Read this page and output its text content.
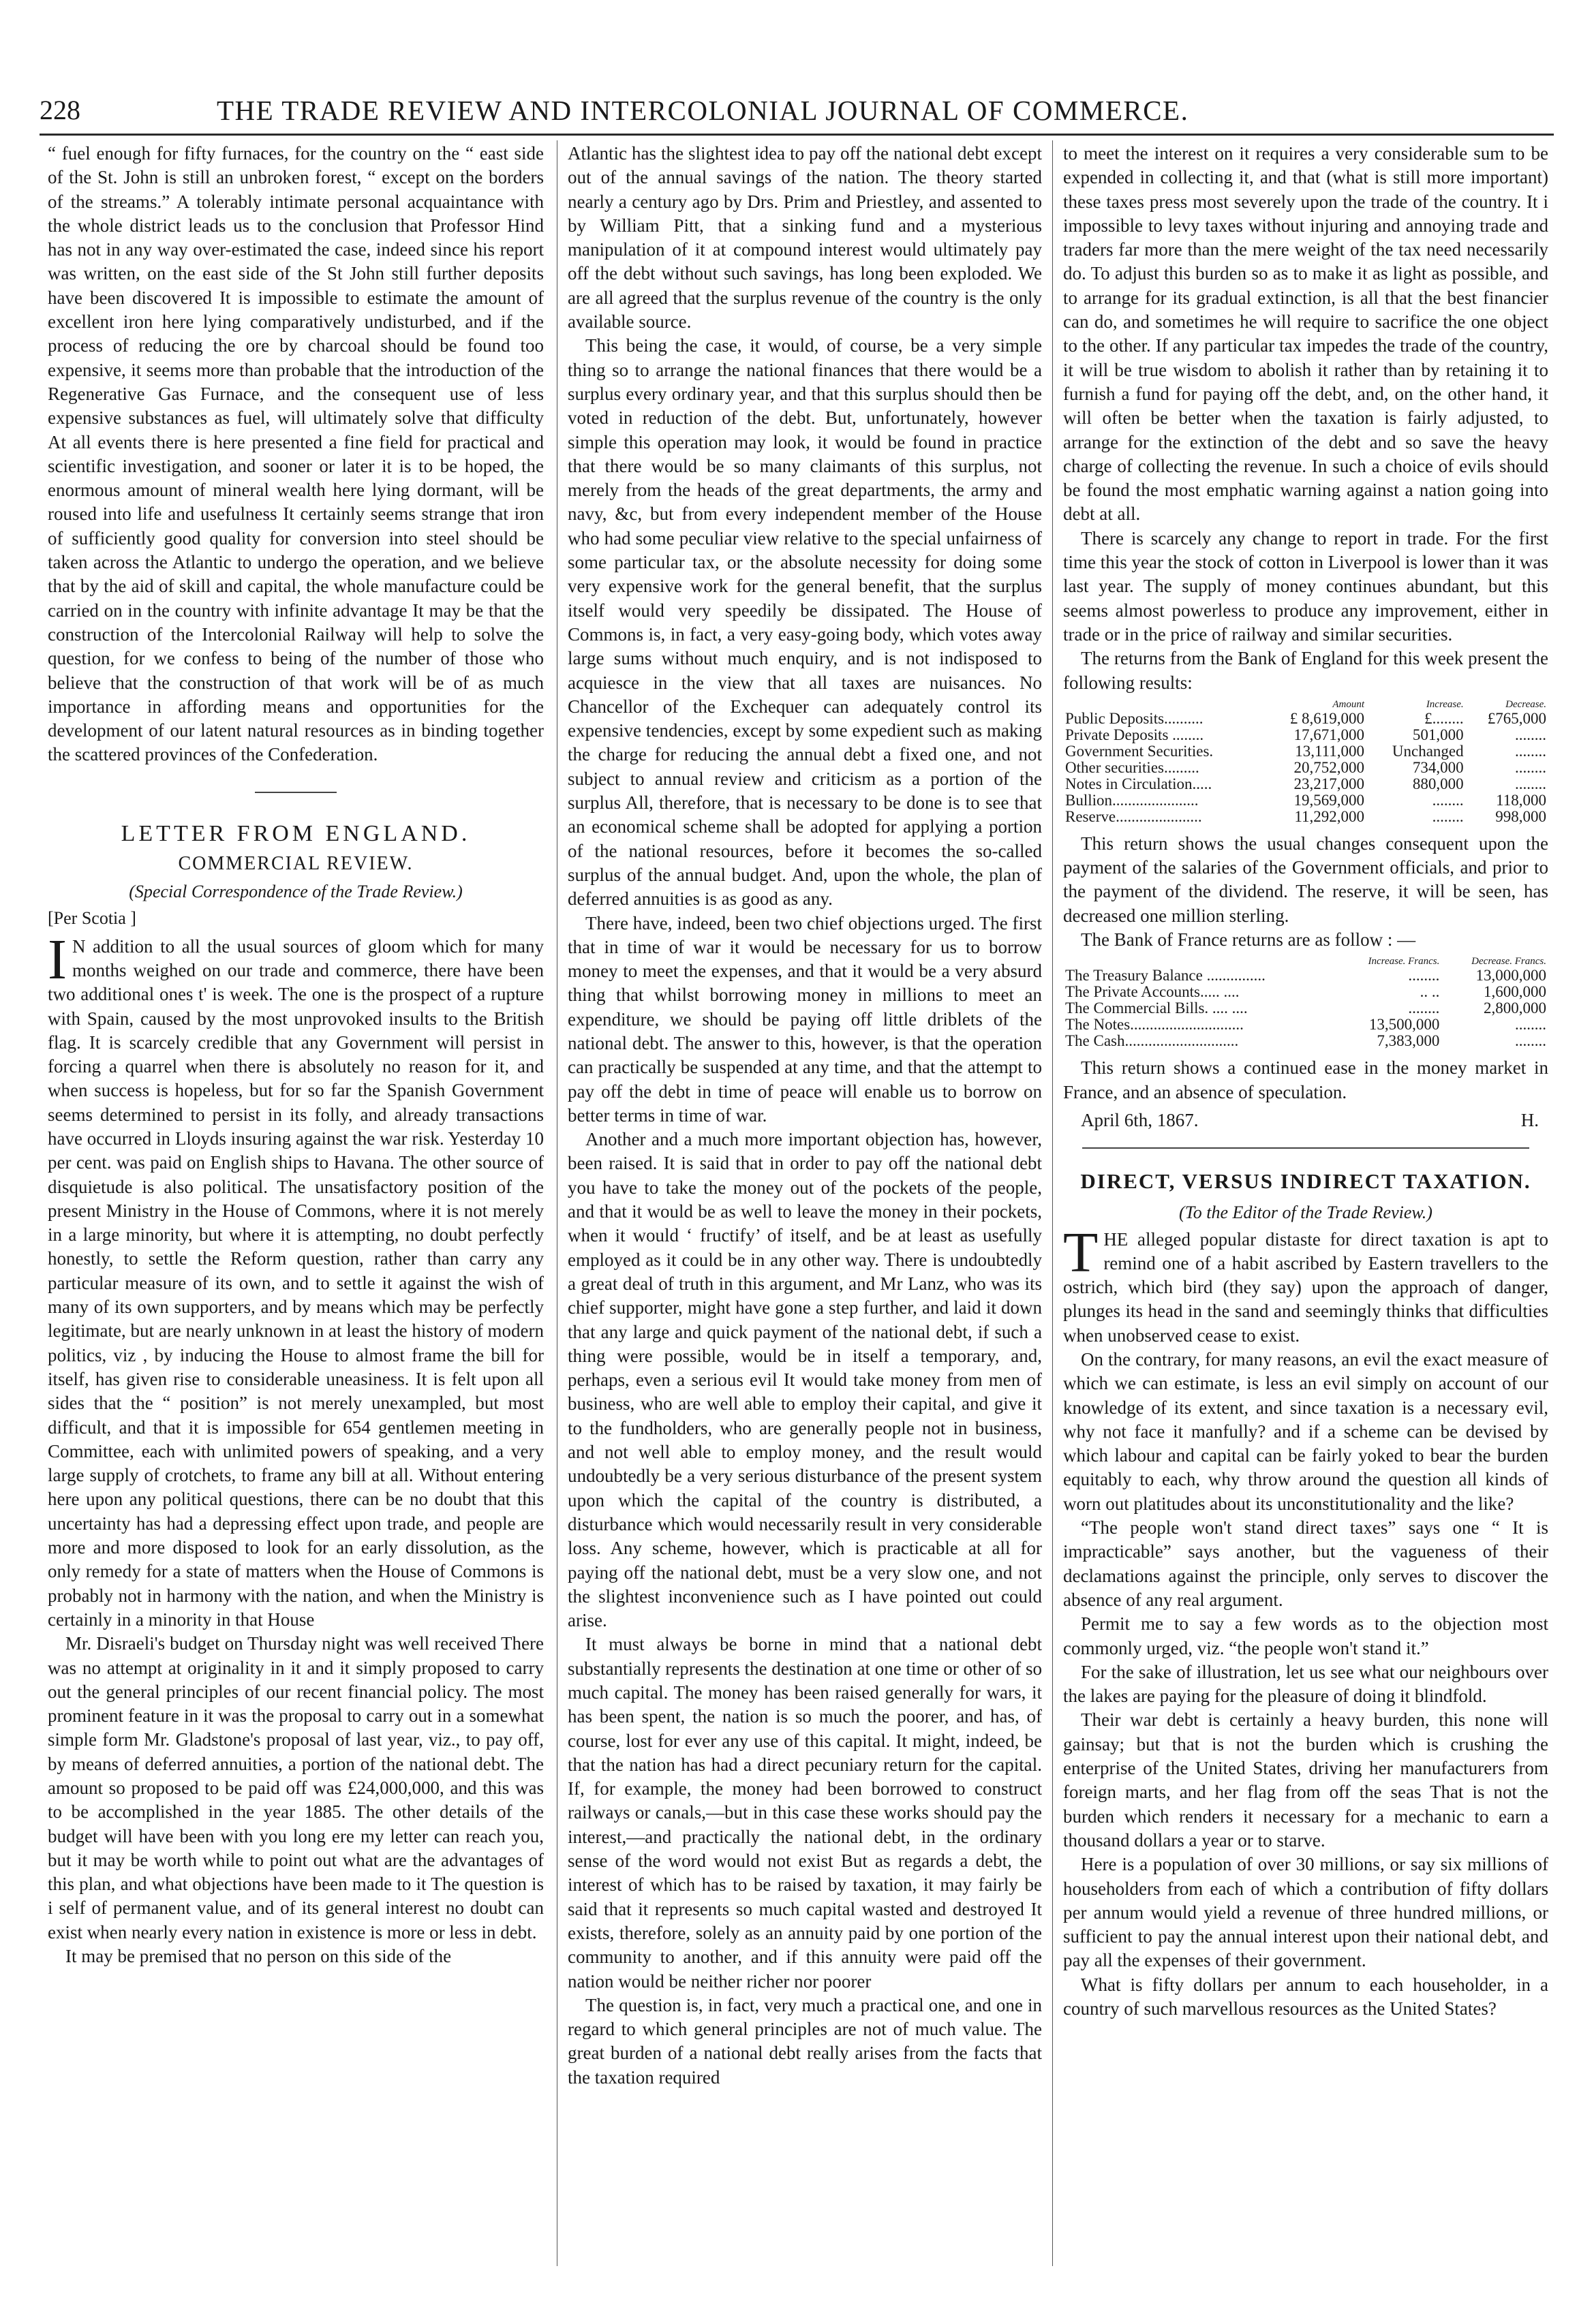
228	THE TRADE REVIEW AND INTERCOLONIAL JOURNAL OF COMMERCE.

“ fuel enough for fifty furnaces, for the country on the “ east side of the St. John is still an unbroken forest, “ except on the borders of the streams.” A tolerably intimate personal acquaintance with the whole district leads us to the conclusion that Professor Hind has not in any way over-estimated the case, indeed since his report was written, on the east side of the St John still further deposits have been discovered It is impossible to estimate the amount of excellent iron here lying comparatively undisturbed, and if the process of reducing the ore by charcoal should be found too expensive, it seems more than probable that the introduction of the Regenerative Gas Furnace, and the consequent use of less expensive substances as fuel, will ultimately solve that difficulty At all events there is here presented a fine field for practical and scientific investigation, and sooner or later it is to be hoped, the enormous amount of mineral wealth here lying dormant, will be roused into life and usefulness It certainly seems strange that iron of sufficiently good quality for conversion into steel should be taken across the Atlantic to undergo the operation, and we believe that by the aid of skill and capital, the whole manufacture could be carried on in the country with infinite advantage It may be that the construction of the Intercolonial Railway will help to solve the question, for we confess to being of the number of those who believe that the construction of that work will be of as much importance in affording means and opportunities for the development of our latent natural resources as in binding together the scattered provinces of the Confederation.

LETTER FROM ENGLAND.
COMMERCIAL REVIEW.
(Special Correspondence of the Trade Review.)
[Per Scotia ]

I N addition to all the usual sources of gloom which for many months weighed on our trade and commerce, there have been two additional ones t' is week. The one is the prospect of a rupture with Spain, caused by the most unprovoked insults to the British flag. It is scarcely credible that any Government will persist in forcing a quarrel when there is absolutely no reason for it, and when success is hopeless, but for so far the Spanish Government seems determined to persist in its folly, and already transactions have occurred in Lloyds insuring against the war risk. Yesterday 10 per cent. was paid on English ships to Havana. The other source of disquietude is also political. The unsatisfactory position of the present Ministry in the House of Commons, where it is not merely in a large minority, but where it is attempting, no doubt perfectly honestly, to settle the Reform question, rather than carry any particular measure of its own, and to settle it against the wish of many of its own supporters, and by means which may be perfectly legitimate, but are nearly unknown in at least the history of modern politics, viz , by inducing the House to almost frame the bill for itself, has given rise to considerable uneasiness. It is felt upon all sides that the “ position” is not merely unexampled, but most difficult, and that it is impossible for 654 gentlemen meeting in Committee, each with unlimited powers of speaking, and a very large supply of crotchets, to frame any bill at all. Without entering here upon any political questions, there can be no doubt that this uncertainty has had a depressing effect upon trade, and people are more and more disposed to look for an early dissolution, as the only remedy for a state of matters when the House of Commons is probably not in harmony with the nation, and when the Ministry is certainly in a minority in that House

Mr. Disraeli's budget on Thursday night was well received There was no attempt at originality in it and it simply proposed to carry out the general principles of our recent financial policy. The most prominent feature in it was the proposal to carry out in a somewhat simple form Mr. Gladstone's proposal of last year, viz., to pay off, by means of deferred annuities, a portion of the national debt. The amount so proposed to be paid off was £24,000,000, and this was to be accomplished in the year 1885. The other details of the budget will have been with you long ere my letter can reach you, but it may be worth while to point out what are the advantages of this plan, and what objections have been made to it The question is i self of permanent value, and of its general interest no doubt can exist when nearly every nation in existence is more or less in debt.

It may be premised that no person on this side of the

Atlantic has the slightest idea to pay off the national debt except out of the annual savings of the nation. The theory started nearly a century ago by Drs. Prim and Priestley, and assented to by William Pitt, that a sinking fund and a mysterious manipulation of it at compound interest would ultimately pay off the debt without such savings, has long been exploded. We are all agreed that the surplus revenue of the country is the only available source.

This being the case, it would, of course, be a very simple thing so to arrange the national finances that there would be a surplus every ordinary year, and that this surplus should then be voted in reduction of the debt. But, unfortunately, however simple this operation may look, it would be found in practice that there would be so many claimants of this surplus, not merely from the heads of the great departments, the army and navy, &c, but from every independent member of the House who had some peculiar view relative to the special unfairness of some particular tax, or the absolute necessity for doing some very expensive work for the general benefit, that the surplus itself would very speedily be dissipated. The House of Commons is, in fact, a very easy-going body, which votes away large sums without much enquiry, and is not indisposed to acquiesce in the view that all taxes are nuisances. No Chancellor of the Exchequer can adequately control its expensive tendencies, except by some expedient such as making the charge for reducing the annual debt a fixed one, and not subject to annual review and criticism as a portion of the surplus All, therefore, that is necessary to be done is to see that an economical scheme shall be adopted for applying a portion of the national resources, before it becomes the so-called surplus of the annual budget. And, upon the whole, the plan of deferred annuities is as good as any.

There have, indeed, been two chief objections urged. The first that in time of war it would be necessary for us to borrow money to meet the expenses, and that it would be a very absurd thing that whilst borrowing money in millions to meet an expenditure, we should be paying off little driblets of the national debt. The answer to this, however, is that the operation can practically be suspended at any time, and that the attempt to pay off the debt in time of peace will enable us to borrow on better terms in time of war.

Another and a much more important objection has, however, been raised. It is said that in order to pay off the national debt you have to take the money out of the pockets of the people, and that it would be as well to leave the money in their pockets, when it would ‘ fructify’ of itself, and be at least as usefully employed as it could be in any other way. There is undoubtedly a great deal of truth in this argument, and Mr Lanz, who was its chief supporter, might have gone a step further, and laid it down that any large and quick payment of the national debt, if such a thing were possible, would be in itself a temporary, and, perhaps, even a serious evil It would take money from men of business, who are well able to employ their capital, and give it to the fundholders, who are generally people not in business, and not well able to employ money, and the result would undoubtedly be a very serious disturbance of the present system upon which the capital of the country is distributed, a disturbance which would necessarily result in very considerable loss. Any scheme, however, which is practicable at all for paying off the national debt, must be a very slow one, and not the slightest inconvenience such as I have pointed out could arise.

It must always be borne in mind that a national debt substantially represents the destination at one time or other of so much capital. The money has been raised generally for wars, it has been spent, the nation is so much the poorer, and has, of course, lost for ever any use of this capital. It might, indeed, be that the nation has had a direct pecuniary return for the capital. If, for example, the money had been borrowed to construct railways or canals,—but in this case these works should pay the interest,—and practically the national debt, in the ordinary sense of the word would not exist But as regards a debt, the interest of which has to be raised by taxation, it may fairly be said that it represents so much capital wasted and destroyed It exists, therefore, solely as an annuity paid by one portion of the community to another, and if this annuity were paid off the nation would be neither richer nor poorer

The question is, in fact, very much a practical one, and one in regard to which general principles are not of much value. The great burden of a national debt really arises from the facts that the taxation required

to meet the interest on it requires a very considerable sum to be expended in collecting it, and that (what is still more important) these taxes press most severely upon the trade of the country. It i impossible to levy taxes without injuring and annoying trade and traders far more than the mere weight of the tax need necessarily do. To adjust this burden so as to make it as light as possible, and to arrange for its gradual extinction, is all that the best financier can do, and sometimes he will require to sacrifice the one object to the other. If any particular tax impedes the trade of the country, it will be true wisdom to abolish it rather than by retaining it to furnish a fund for paying off the debt, and, on the other hand, it will often be better when the taxation is fairly adjusted, to arrange for the extinction of the debt and so save the heavy charge of collecting the revenue. In such a choice of evils should be found the most emphatic warning against a nation going into debt at all.

There is scarcely any change to report in trade. For the first time this year the stock of cotton in Liverpool is lower than it was last year. The supply of money continues abundant, but this seems almost powerless to produce any improvement, either in trade or in the price of railway and similar securities.

The returns from the Bank of England for this week present the following results:

	Amount	Increase.	Decrease.
Public Deposits..........	£ 8,619,000	£........	£765,000
Private Deposits ........	17,671,000	501,000	........
Government Securities.	13,111,000	Unchanged	........
Other securities.........	20,752,000	734,000	........
Notes in Circulation.....	23,217,000	880,000	........
Bullion......................	19,569,000	........	118,000
Reserve......................	11,292,000	........	998,000

This return shows the usual changes consequent upon the payment of the salaries of the Government officials, and prior to the payment of the dividend. The reserve, it will be seen, has decreased one million sterling.

The Bank of France returns are as follow : —

	Increase. Francs.	Decrease. Francs.
The Treasury Balance ...............	........	13,000,000
The Private Accounts..... ....	.. ..	1,600,000
The Commercial Bills. .... ....	........	2,800,000
The Notes.............................	13,500,000	........
The Cash.............................	7,383,000	........

This return shows a continued ease in the money market in France, and an absence of speculation.

April 6th, 1867.	H.
DIRECT, VERSUS INDIRECT TAXATION.
(To the Editor of the Trade Review.)

THE alleged popular distaste for direct taxation is apt to remind one of a habit ascribed by Eastern travellers to the ostrich, which bird (they say) upon the approach of danger, plunges its head in the sand and seemingly thinks that difficulties when unobserved cease to exist.

On the contrary, for many reasons, an evil the exact measure of which we can estimate, is less an evil simply on account of our knowledge of its extent, and since taxation is a necessary evil, why not face it manfully? and if a scheme can be devised by which labour and capital can be fairly yoked to bear the burden equitably to each, why throw around the question all kinds of worn out platitudes about its unconstitutionality and the like?

“The people won't stand direct taxes” says one “ It is impracticable” says another, but the vagueness of their declamations against the principle, only serves to discover the absence of any real argument.

Permit me to say a few words as to the objection most commonly urged, viz. “the people won't stand it.”

For the sake of illustration, let us see what our neighbours over the lakes are paying for the pleasure of doing it blindfold.

Their war debt is certainly a heavy burden, this none will gainsay; but that is not the burden which is crushing the enterprise of the United States, driving her manufacturers from foreign marts, and her flag from off the seas That is not the burden which renders it necessary for a mechanic to earn a thousand dollars a year or to starve.

Here is a population of over 30 millions, or say six millions of householders from each of which a contribution of fifty dollars per annum would yield a revenue of three hundred millions, or sufficient to pay the annual interest upon their national debt, and pay all the expenses of their government.

What is fifty dollars per annum to each householder, in a country of such marvellous resources as the United States?
